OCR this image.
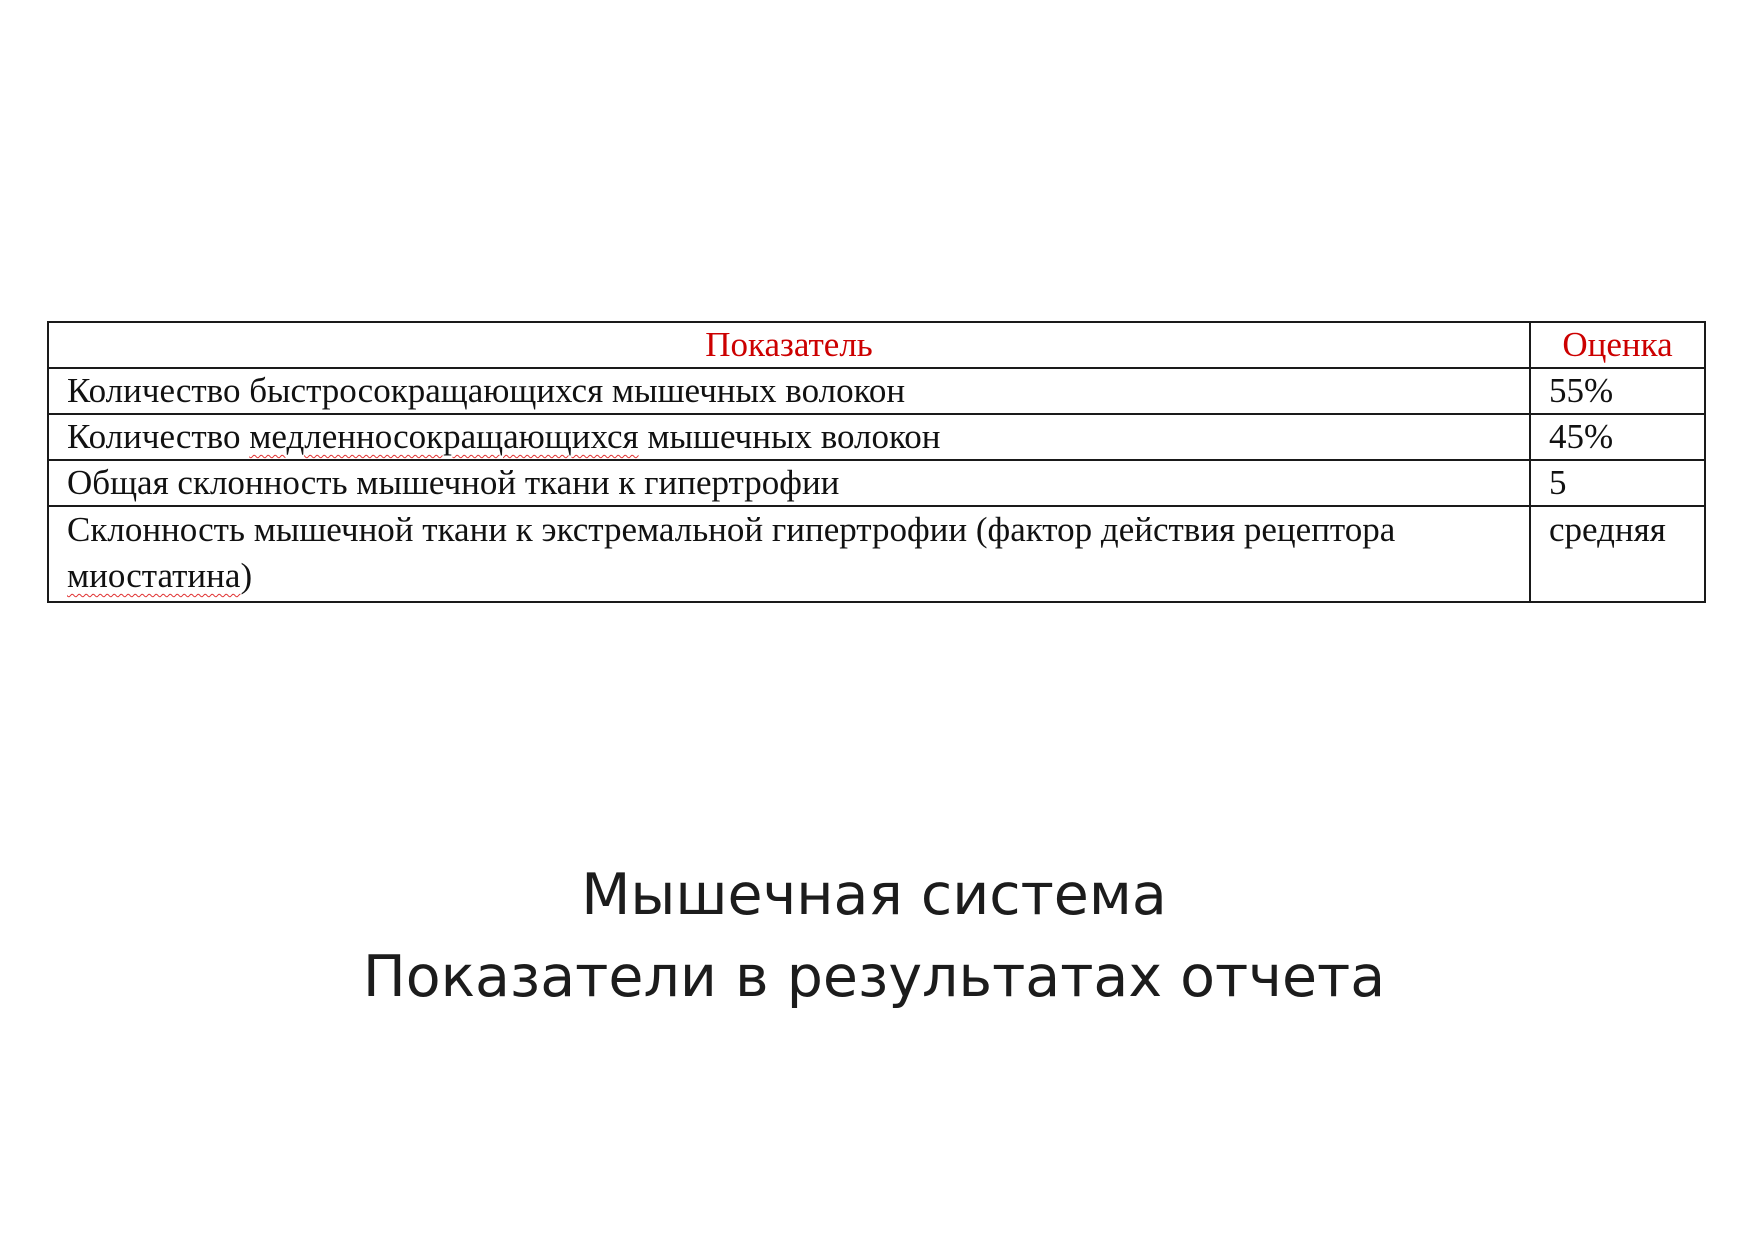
Показатель	Оценка
Количество быстросокращающихся мышечных волокон	55%
Количество медленносокращающихся мышечных волокон	45%
Общая склонность мышечной ткани к гипертрофии	5
Склонность мышечной ткани к экстремальной гипертрофии (фактор действия рецептора миостатина)	средняя
Мышечная система
Показатели в результатах отчета
